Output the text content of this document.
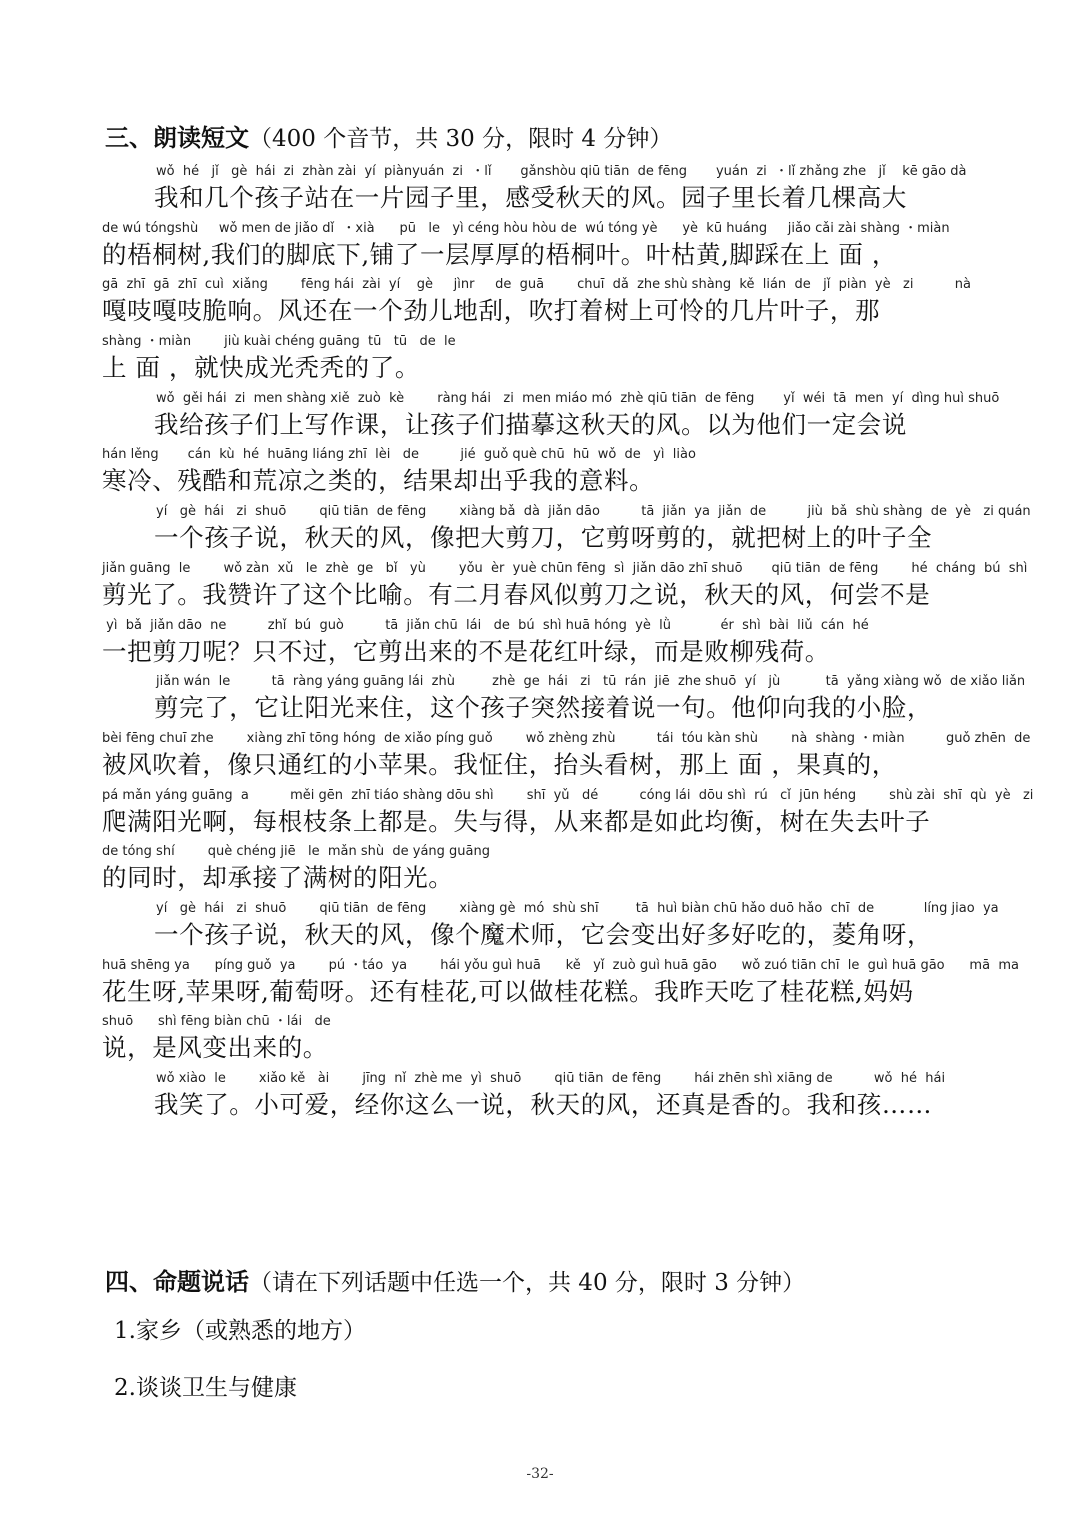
三、朗读短文（400 个音节，共 30 分，限时 4 分钟）
wǒ  hé   jǐ   gè  hái  zi  zhàn zài  yí  piànyuán  zi  ・lǐ       gǎnshòu qiū tiān  de fēng       yuán  zi  ・lǐ zhǎng zhe   jǐ    kē gāo dà
我和几个孩子站在一片园子里，感受秋天的风。园子里长着几棵高大
de wú tóngshù     wǒ men de jiǎo dǐ  ・xià      pū   le   yì céng hòu hòu de  wú tóng yè      yè  kū huáng     jiǎo cǎi zài shàng ・miàn
的梧桐树,我们的脚底下,铺了一层厚厚的梧桐叶。叶枯黄,脚踩在上 面 ，
gā  zhī  gā  zhī  cuì  xiǎng        fēng hái  zài  yí    gè     jìnr     de  guā        chuī  dǎ  zhe shù shàng  kě  lián  de   jǐ  piàn  yè   zi          nà
嘎吱嘎吱脆响。风还在一个劲儿地刮，吹打着树上可怜的几片叶子，那
shàng ・miàn        jiù kuài chéng guāng  tū   tū   de  le
上 面 ，就快成光秃秃的了。
wǒ  gěi hái  zi  men shàng xiě  zuò  kè        ràng hái   zi  men miáo mó  zhè qiū tiān  de fēng       yǐ  wéi  tā  men  yí  dìng huì shuō
我给孩子们上写作课，让孩子们描摹这秋天的风。以为他们一定会说
hán lěng       cán  kù  hé  huāng liáng zhī  lèi   de          jié  guǒ què chū  hū  wǒ  de   yì  liào
寒冷、残酷和荒凉之类的，结果却出乎我的意料。
yí   gè  hái   zi  shuō        qiū tiān  de fēng        xiàng bǎ  dà  jiǎn dāo          tā  jiǎn  ya  jiǎn  de          jiù  bǎ  shù shàng  de  yè   zi quán
一个孩子说，秋天的风，像把大剪刀，它剪呀剪的，就把树上的叶子全
jiǎn guāng  le        wǒ zàn  xǔ   le  zhè  ge   bǐ   yù        yǒu  èr  yuè chūn fēng  sì  jiǎn dāo zhī shuō       qiū tiān  de fēng        hé  cháng  bú  shì
剪光了。我赞许了这个比喻。有二月春风似剪刀之说，秋天的风，何尝不是
yì  bǎ  jiǎn dāo  ne          zhǐ  bú  guò          tā  jiǎn chū  lái   de  bú  shì huā hóng  yè  lǜ            ér  shì  bài  liǔ  cán  hé
一把剪刀呢？只不过，它剪出来的不是花红叶绿，而是败柳残荷。
jiǎn wán  le          tā  ràng yáng guāng lái  zhù         zhè  ge  hái   zi   tū  rán  jiē  zhe shuō  yí   jù           tā  yǎng xiàng wǒ  de xiǎo liǎn
剪完了，它让阳光来住，这个孩子突然接着说一句。他仰向我的小脸，
bèi fēng chuī zhe        xiàng zhī tōng hóng  de xiǎo píng guǒ        wǒ zhèng zhù          tái  tóu kàn shù        nà  shàng ・miàn          guǒ zhēn  de
被风吹着，像只通红的小苹果。我怔住，抬头看树，那上 面 ，果真的，
pá mǎn yáng guāng  a          měi gēn  zhī tiáo shàng dōu shì        shī  yǔ   dé          cóng lái  dōu shì  rú   cǐ  jūn héng        shù zài  shī  qù  yè   zi
爬满阳光啊，每根枝条上都是。失与得，从来都是如此均衡，树在失去叶子
de tóng shí        què chéng jiē   le  mǎn shù  de yáng guāng
的同时，却承接了满树的阳光。
yí   gè  hái   zi  shuō        qiū tiān  de fēng        xiàng gè  mó  shù shī         tā  huì biàn chū hǎo duō hǎo  chī  de            líng jiao  ya
一个孩子说，秋天的风，像个魔术师，它会变出好多好吃的，菱角呀，
huā shēng ya      píng guǒ  ya        pú ・táo  ya        hái yǒu guì huā      kě   yǐ  zuò guì huā gāo      wǒ zuó tiān chī  le  guì huā gāo      mā  ma
花生呀,苹果呀,葡萄呀。还有桂花,可以做桂花糕。我昨天吃了桂花糕,妈妈
shuō      shì fēng biàn chū ・lái   de
说，是风变出来的。
wǒ xiào  le        xiǎo kě   ài        jīng  nǐ  zhè me  yì  shuō        qiū tiān  de fēng        hái zhēn shì xiāng de          wǒ  hé  hái
我笑了。小可爱，经你这么一说，秋天的风，还真是香的。我和孩……
四、命题说话（请在下列话题中任选一个，共 40 分，限时 3 分钟）
1.家乡（或熟悉的地方）
2.谈谈卫生与健康
-32-
